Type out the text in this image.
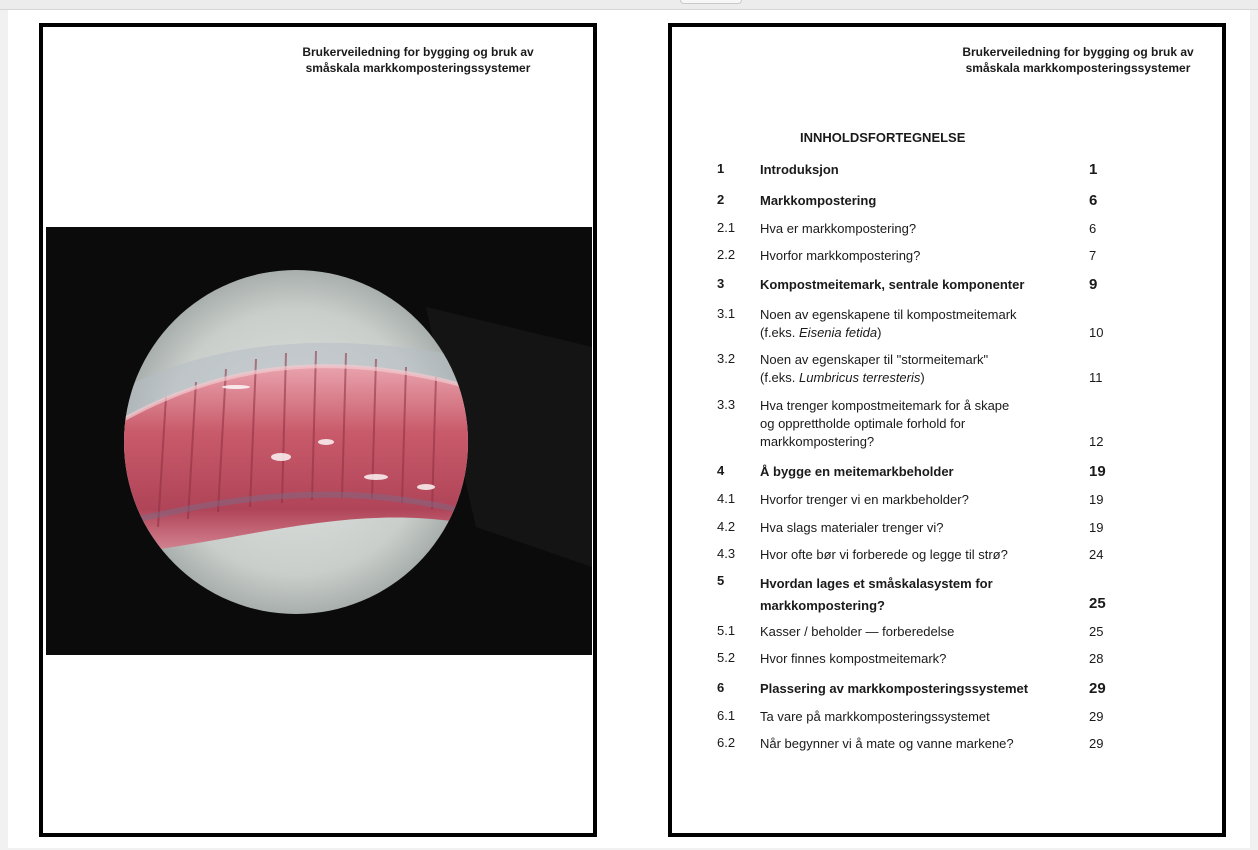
Brukerveiledning for bygging og bruk av
småskala markkomposteringssystemer
Brukerveiledning for bygging og bruk av
småskala markkomposteringssystemer
INNHOLDSFORTEGNELSE
1	Introduksjon	1
2	Markkompostering	6
2.1 Hva er markkompostering?	6
2.2 Hvorfor markkompostering?	7
3	Kompostmeitemark, sentrale komponenter	9
3.1 Noen av egenskapene til kompostmeitemark
(f.eks. Eisenia fetida)	10
3.2 Noen av egenskaper til "stormeitemark"
(f.eks. Lumbricus terresteris)	11
3.3 Hva trenger kompostmeitemark for å skape
og opprettholde optimale forhold for
markkompostering?	12
4	Å bygge en meitemarkbeholder	19
4.1 Hvorfor trenger vi en markbeholder?	19
4.2 Hva slags materialer trenger vi?	19
4.3 Hvor ofte bør vi forberede og legge til strø?	24
5	Hvordan lages et småskalasystem for
markkompostering?	25
5.1 Kasser / beholder — forberedelse	25
5.2 Hvor finnes kompostmeitemark?	28
6	Plassering av markkomposteringssystemet	29
6.1 Ta vare på markkomposteringssystemet	29
6.2 Når begynner vi å mate og vanne markene?	29
